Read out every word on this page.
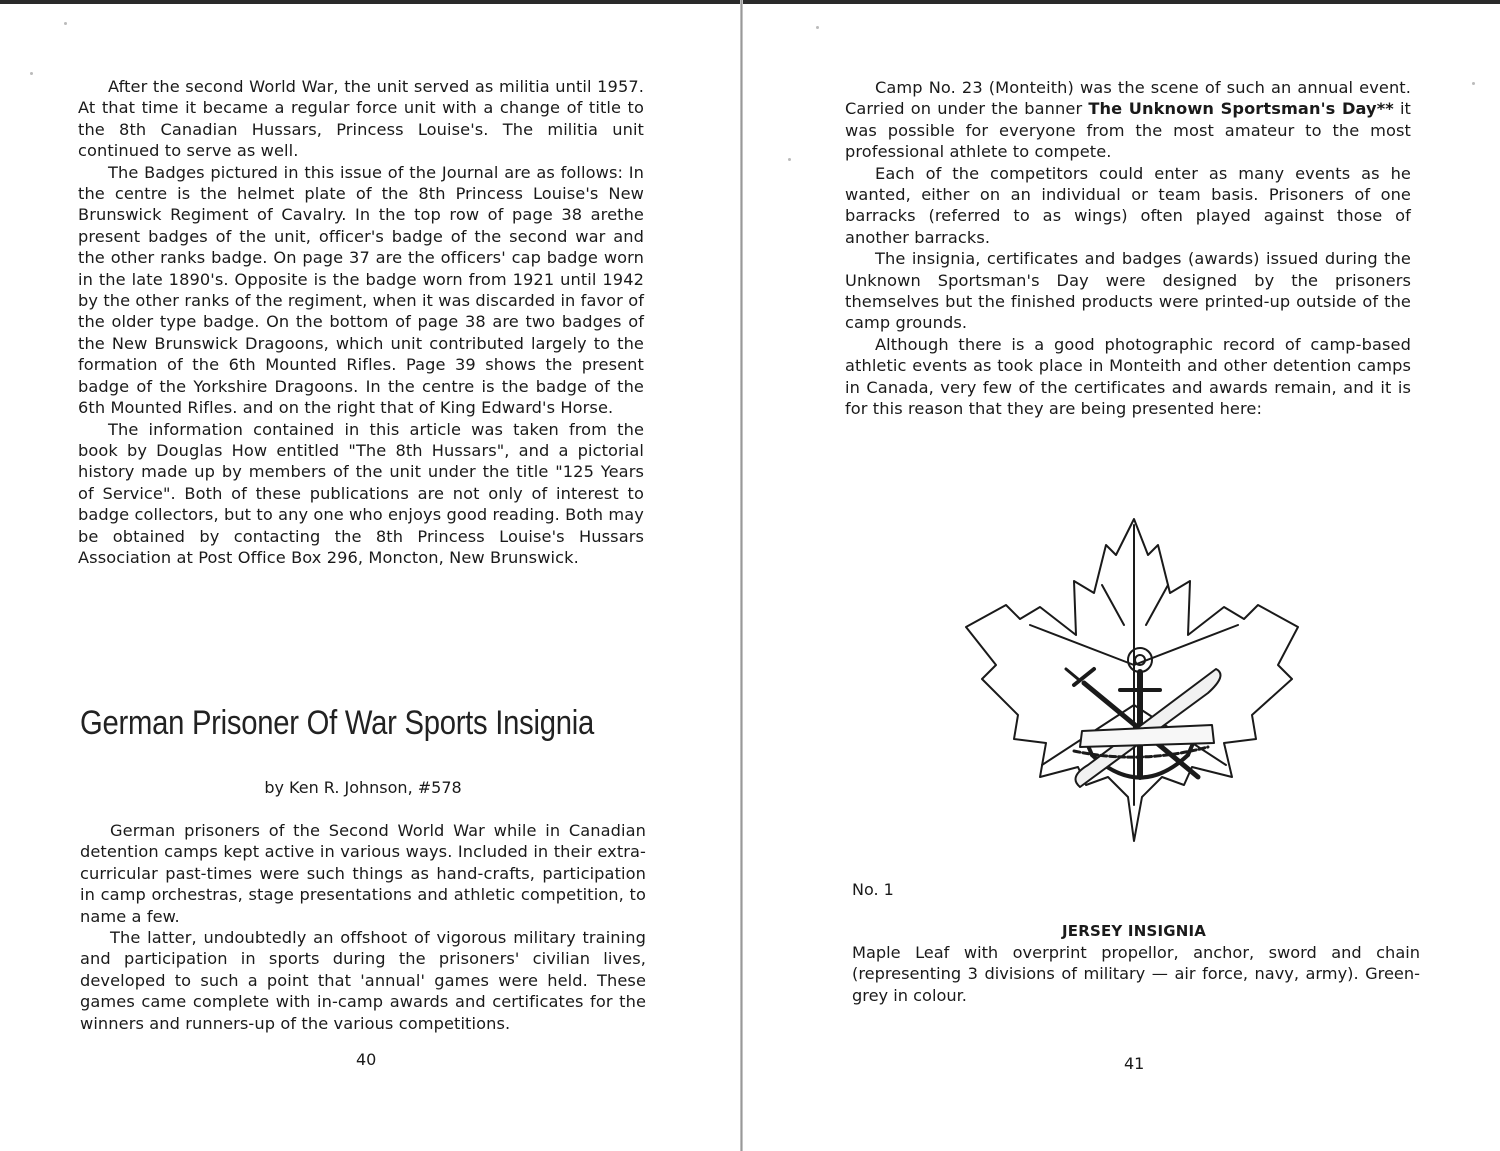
After the second World War, the unit served as militia until 1957. At that time it became a regular force unit with a change of title to the 8th Canadian Hussars, Princess Louise's. The militia unit continued to serve as well.

The Badges pictured in this issue of the Journal are as follows: In the centre is the helmet plate of the 8th Princess Louise's New Brunswick Regiment of Cavalry. In the top row of page 38 arethe present badges of the unit, officer's badge of the second war and the other ranks badge. On page 37 are the officers' cap badge worn in the late 1890's. Opposite is the badge worn from 1921 until 1942 by the other ranks of the regiment, when it was discarded in favor of the older type badge. On the bottom of page 38 are two badges of the New Brunswick Dragoons, which unit contributed largely to the formation of the 6th Mounted Rifles. Page 39 shows the present badge of the Yorkshire Dragoons. In the centre is the badge of the 6th Mounted Rifles. and on the right that of King Edward's Horse.

The information contained in this article was taken from the book by Douglas How entitled "The 8th Hussars", and a pictorial history made up by members of the unit under the title "125 Years of Service". Both of these publications are not only of interest to badge collectors, but to any one who enjoys good reading. Both may be obtained by contacting the 8th Princess Louise's Hussars Association at Post Office Box 296, Moncton, New Brunswick.

German Prisoner Of War Sports Insignia
by Ken R. Johnson, #578

German prisoners of the Second World War while in Canadian detention camps kept active in various ways. Included in their extra-curricular past-times were such things as hand-crafts, participation in camp orchestras, stage presentations and athletic competition, to name a few.

The latter, undoubtedly an offshoot of vigorous military training and participation in sports during the prisoners' civilian lives, developed to such a point that 'annual' games were held. These games came complete with in-camp awards and certificates for the winners and runners-up of the various competitions.

40

Camp No. 23 (Monteith) was the scene of such an annual event. Carried on under the banner The Unknown Sportsman's Day** it was possible for everyone from the most amateur to the most professional athlete to compete.

Each of the competitors could enter as many events as he wanted, either on an individual or team basis. Prisoners of one barracks (referred to as wings) often played against those of another barracks.

The insignia, certificates and badges (awards) issued during the Unknown Sportsman's Day were designed by the prisoners themselves but the finished products were printed-up outside of the camp grounds.

Although there is a good photographic record of camp-based athletic events as took place in Monteith and other detention camps in Canada, very few of the certificates and awards remain, and it is for this reason that they are being presented here:

No. 1
JERSEY INSIGNIA
Maple Leaf with overprint propellor, anchor, sword and chain (representing 3 divisions of military — air force, navy, army). Green-grey in colour.
41
